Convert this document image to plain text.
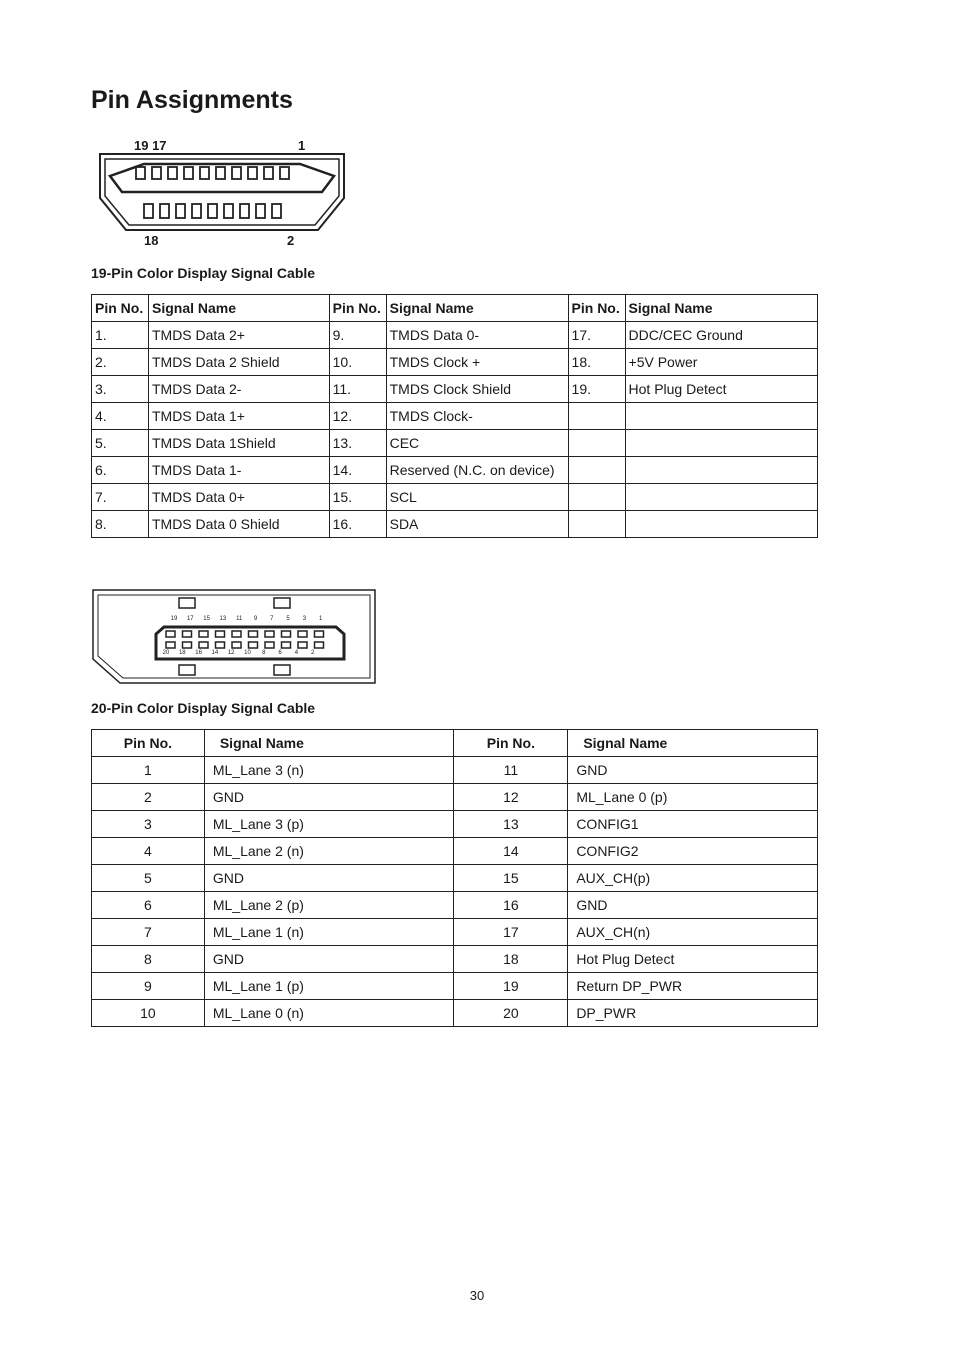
Pin Assignments
19 17	1
18	2

19-Pin Color Display Signal Cable

Pin No.	Signal Name	Pin No.	Signal Name	Pin No.	Signal Name
1.	TMDS Data 2+	9.	TMDS Data 0-	17.	DDC/CEC Ground
2.	TMDS Data 2 Shield	10.	TMDS Clock +	18.	+5V Power
3.	TMDS Data 2-	11.	TMDS Clock Shield	19.	Hot Plug Detect
4.	TMDS Data 1+	12.	TMDS Clock-		
5.	TMDS Data 1Shield	13.	CEC		
6.	TMDS Data 1-	14.	Reserved (N.C. on device)		
7.	TMDS Data 0+	15.	SCL		
8.	TMDS Data 0 Shield	16.	SDA		
19 17 15 13 11 9 7 5 3 1
20 18 16 14 12 10 8 6 4 2

20-Pin Color Display Signal Cable

Pin No.	Signal Name	Pin No.	Signal Name
1	ML_Lane 3 (n)	11	GND
2	GND	12	ML_Lane 0 (p)
3	ML_Lane 3 (p)	13	CONFIG1
4	ML_Lane 2 (n)	14	CONFIG2
5	GND	15	AUX_CH(p)
6	ML_Lane 2 (p)	16	GND
7	ML_Lane 1 (n)	17	AUX_CH(n)
8	GND	18	Hot Plug Detect
9	ML_Lane 1 (p)	19	Return DP_PWR
10	ML_Lane 0 (n)	20	DP_PWR
30
